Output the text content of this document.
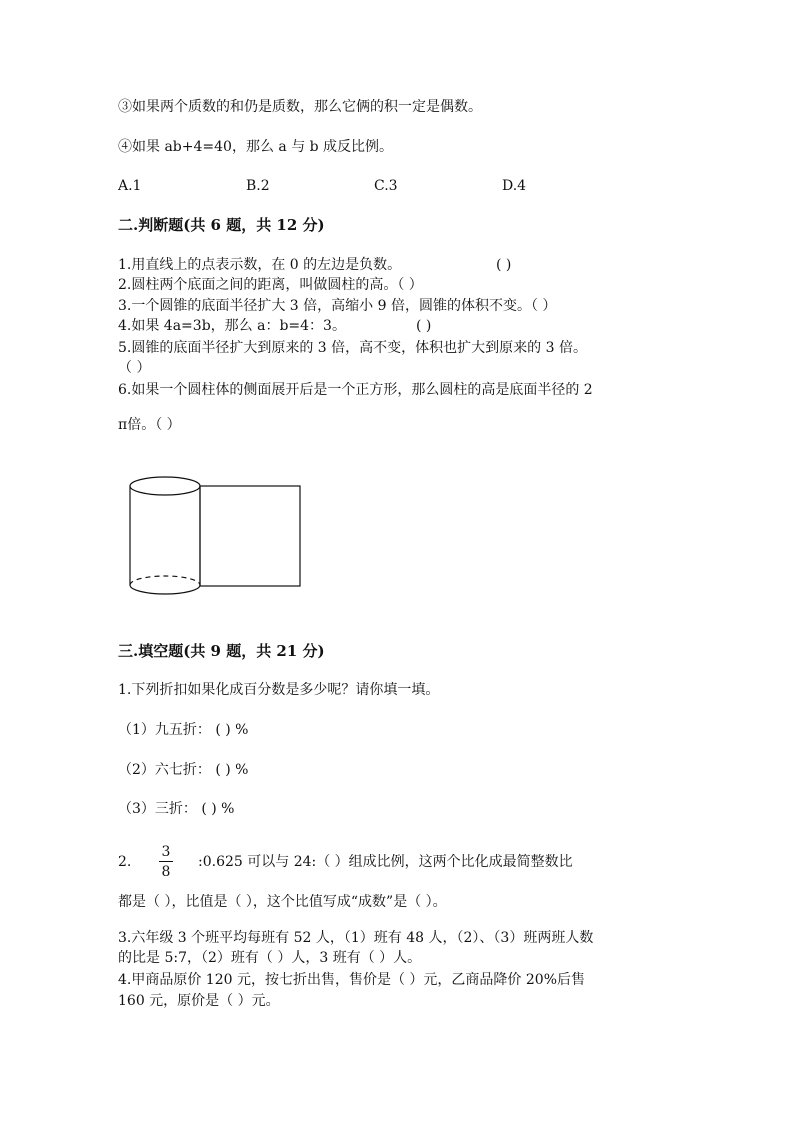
③如果两个质数的和仍是质数，那么它俩的积一定是偶数。
④如果 ab+4=40，那么 a 与 b 成反比例。
A.1	B.2	C.3	D.4
二.判断题(共 6 题，共 12 分)
1.用直线上的点表示数，在 0 的左边是负数。	( )
2.圆柱两个底面之间的距离，叫做圆柱的高。（ ）
3.一个圆锥的底面半径扩大 3 倍，高缩小 9 倍，圆锥的体积不变。（ ）
4.如果 4a=3b，那么 a：b=4：3。	( )
5.圆锥的底面半径扩大到原来的 3 倍，高不变，体积也扩大到原来的 3 倍。
（ ）
6.如果一个圆柱体的侧面展开后是一个正方形，那么圆柱的高是底面半径的 2
π倍。（ ）
三.填空题(共 9 题，共 21 分)
1.下列折扣如果化成百分数是多少呢？请你填一填。
（1）九五折： ( ) %
（2）六七折： ( ) %
（3）三折： ( ) %
2.
3
8
:0.625 可以与 24:（ ）组成比例，这两个比化成最简整数比
都是（ ），比值是（ ），这个比值写成“成数”是（ ）。
3.六年级 3 个班平均每班有 52 人，（1）班有 48 人，（2）、（3）班两班人数
的比是 5:7，（2）班有（ ）人，3 班有（ ）人。
4.甲商品原价 120 元，按七折出售，售价是（ ）元，乙商品降价 20%后售
160 元，原价是（ ）元。
